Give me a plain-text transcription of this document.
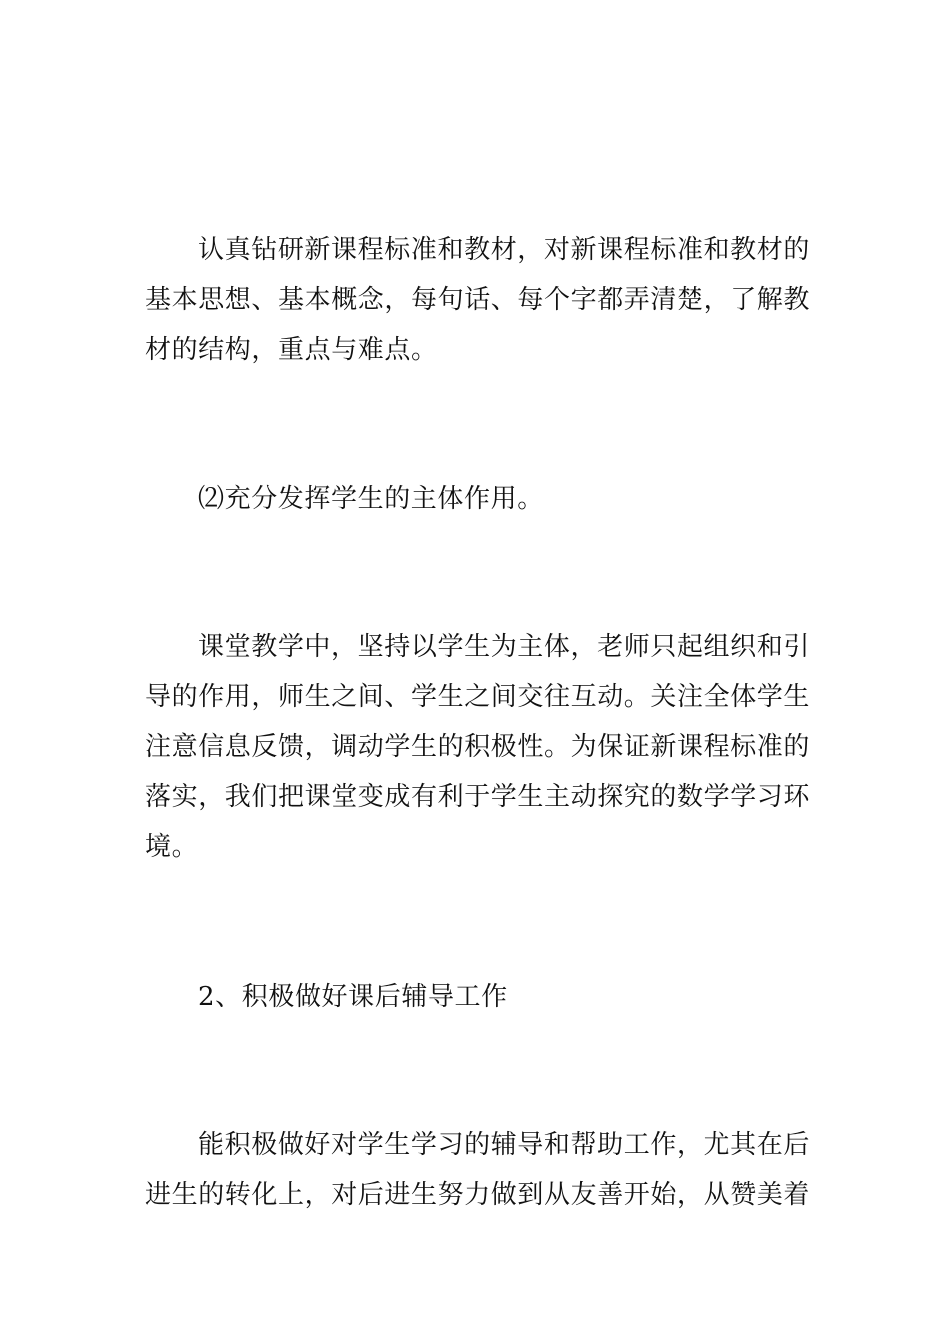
认真钻研新课程标准和教材，对新课程标准和教材的基本思想、基本概念，每句话、每个字都弄清楚，了解教材的结构，重点与难点。

⑵充分发挥学生的主体作用。

课堂教学中，坚持以学生为主体，老师只起组织和引导的作用，师生之间、学生之间交往互动。关注全体学生注意信息反馈，调动学生的积极性。为保证新课程标准的落实，我们把课堂变成有利于学生主动探究的数学学习环境。

2、积极做好课后辅导工作

能积极做好对学生学习的辅导和帮助工作，尤其在后进生的转化上，对后进生努力做到从友善开始，从赞美着
